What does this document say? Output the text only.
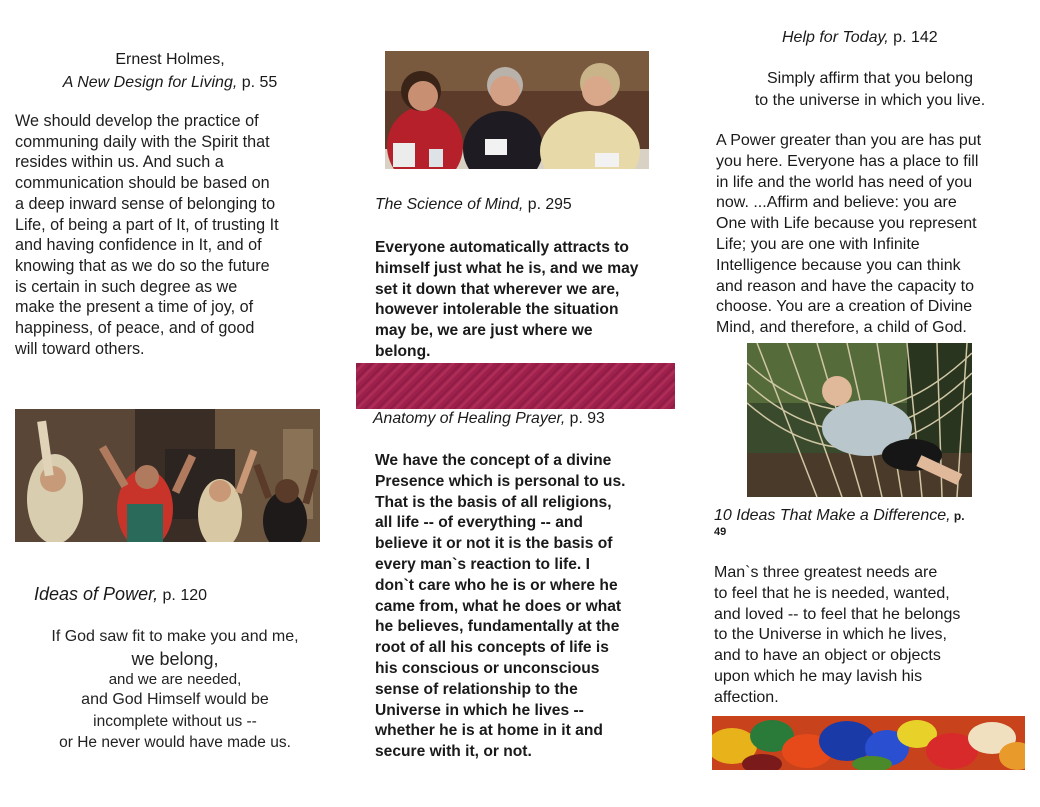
Ernest Holmes,
A New Design for Living, p. 55
We should develop the practice of
communing daily with the Spirit that
resides within us. And such a
communication should be based on
a deep inward sense of belonging to
Life, of being a part of It, of trusting It
and having confidence in It, and of
knowing that as we do so the future
is certain in such degree as we
make the present a time of joy, of
happiness, of peace, and of good
will toward others.
Ideas of Power, p. 120
If God saw fit to make you and me,
we belong,
and we are needed,
and God Himself would be
incomplete without us --
or He never would have made us.
The Science of Mind, p. 295
Everyone automatically attracts to
himself just what he is, and we may
set it down that wherever we are,
however intolerable the situation
may be, we are just where we
belong.
Anatomy of Healing Prayer, p. 93
We have the concept of a divine
Presence which is personal to us.
That is the basis of all religions,
all life -- of everything -- and
believe it or not it is the basis of
every man`s reaction to life. I
don`t care who he is or where he
came from, what he does or what
he believes, fundamentally at the
root of all his concepts of life is
his conscious or unconscious
sense of relationship to the
Universe in which he lives --
whether he is at home in it and
secure with it, or not.
Help for Today, p. 142
Simply affirm that you belong
to the universe in which you live.
A Power greater than you are has put
you here. Everyone has a place to fill
in life and the world has need of you
now. ...Affirm and believe: you are
One with Life because you represent
Life; you are one with Infinite
Intelligence because you can think
and reason and have the capacity to
choose. You are a creation of Divine
Mind, and therefore, a child of God.
10 Ideas That Make a Difference, p.
49
Man`s three greatest needs are
to feel that he is needed, wanted,
and loved -- to feel that he belongs
to the Universe in which he lives,
and to have an object or objects
upon which he may lavish his
affection.
